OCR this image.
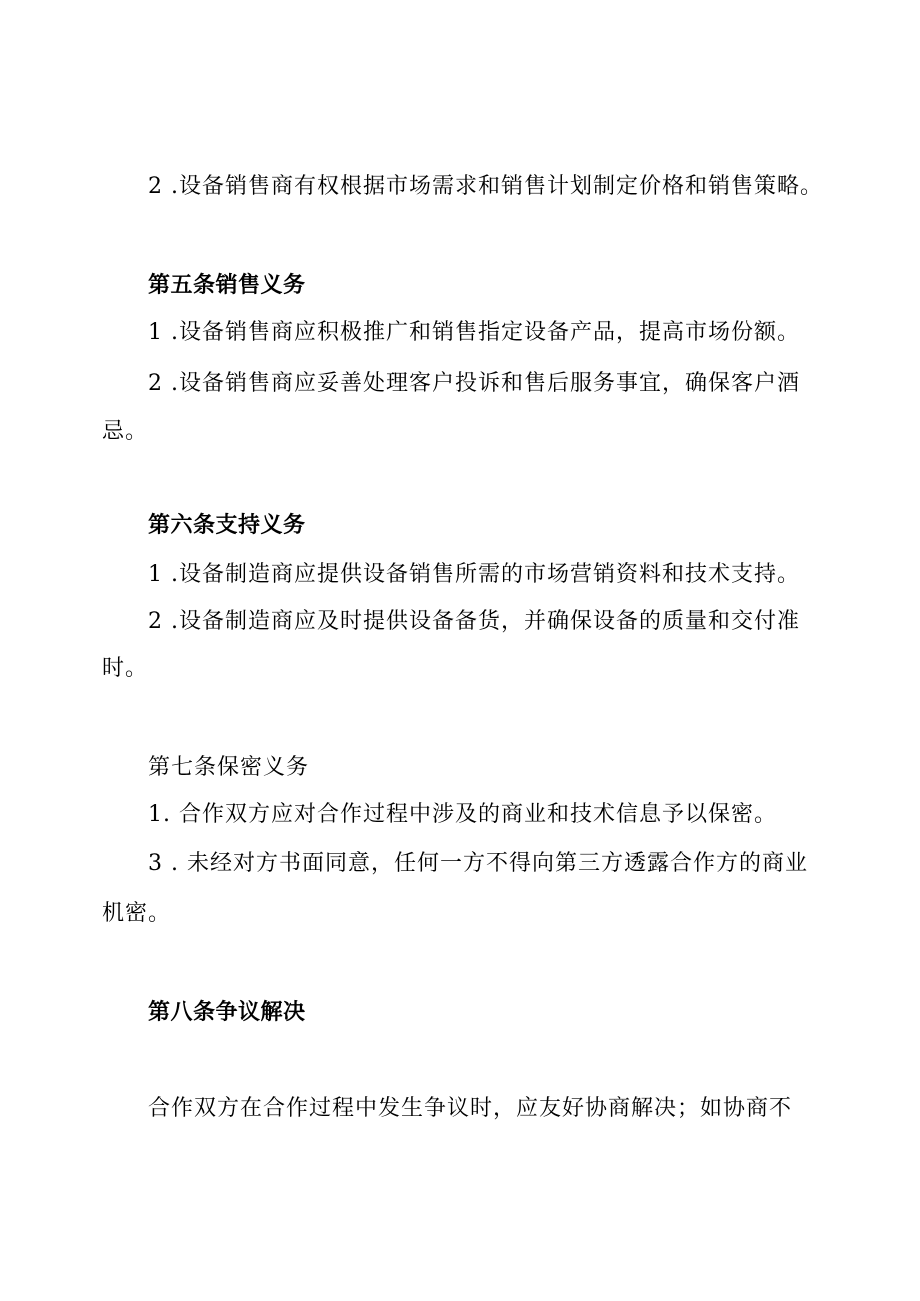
2 .设备销售商有权根据市场需求和销售计划制定价格和销售策略。
第五条销售义务
1 .设备销售商应积极推广和销售指定设备产品，提高市场份额。
2 .设备销售商应妥善处理客户投诉和售后服务事宜，确保客户酒
忌。
第六条支持义务
1 .设备制造商应提供设备销售所需的市场营销资料和技术支持。
2 .设备制造商应及时提供设备备货，并确保设备的质量和交付准
时。
第七条保密义务
1. 合作双方应对合作过程中涉及的商业和技术信息予以保密。
3 . 未经对方书面同意，任何一方不得向第三方透露合作方的商业
机密。
第八条争议解决
合作双方在合作过程中发生争议时，应友好协商解决；如协商不
